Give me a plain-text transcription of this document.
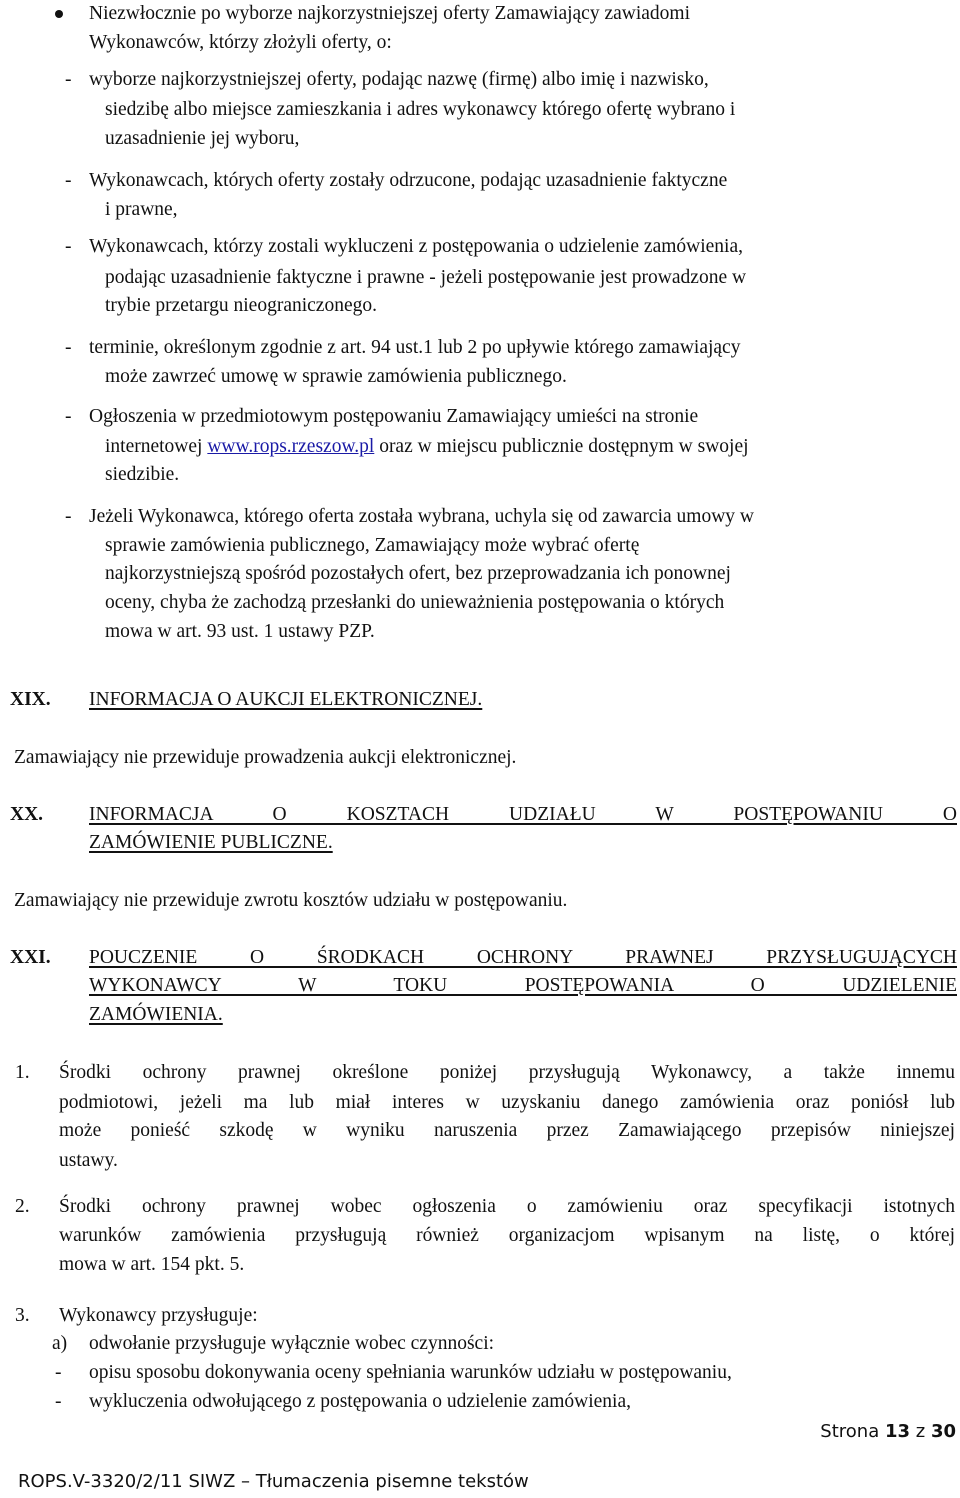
Niezwłocznie po wyborze najkorzystniejszej oferty Zamawiający zawiadomi
Wykonawców, którzy złożyli oferty, o:
- wyborze najkorzystniejszej oferty, podając nazwę (firmę) albo imię i nazwisko,
siedzibę albo miejsce zamieszkania i adres wykonawcy którego ofertę wybrano i
uzasadnienie jej wyboru,
- Wykonawcach, których oferty zostały odrzucone, podając uzasadnienie faktyczne
i prawne,
- Wykonawcach, którzy zostali wykluczeni z postępowania o udzielenie zamówienia,
podając uzasadnienie faktyczne i prawne - jeżeli postępowanie jest prowadzone w
trybie przetargu nieograniczonego.
- terminie, określonym zgodnie z art. 94 ust.1 lub 2 po upływie którego zamawiający
może zawrzeć umowę w sprawie zamówienia publicznego.
- Ogłoszenia w przedmiotowym postępowaniu Zamawiający umieści na stronie
internetowej www.rops.rzeszow.pl oraz w miejscu publicznie dostępnym w swojej
siedzibie.
- Jeżeli Wykonawca, którego oferta została wybrana, uchyla się od zawarcia umowy w
sprawie zamówienia publicznego, Zamawiający może wybrać ofertę
najkorzystniejszą spośród pozostałych ofert, bez przeprowadzania ich ponownej
oceny, chyba że zachodzą przesłanki do unieważnienia postępowania o których
mowa w art. 93 ust. 1 ustawy PZP.
XIX. INFORMACJA O AUKCJI ELEKTRONICZNEJ.
Zamawiający nie przewiduje prowadzenia aukcji elektronicznej.
XX. INFORMACJA O KOSZTACH UDZIAŁU W POSTĘPOWANIU O
ZAMÓWIENIE PUBLICZNE.
Zamawiający nie przewiduje zwrotu kosztów udziału w postępowaniu.
XXI. POUCZENIE O ŚRODKACH OCHRONY PRAWNEJ PRZYSŁUGUJĄCYCH
WYKONAWCY W TOKU POSTĘPOWANIA O UDZIELENIE
ZAMÓWIENIA.
1. Środki ochrony prawnej określone poniżej przysługują Wykonawcy, a także innemu
podmiotowi, jeżeli ma lub miał interes w uzyskaniu danego zamówienia oraz poniósł lub
może ponieść szkodę w wyniku naruszenia przez Zamawiającego przepisów niniejszej
ustawy.
2. Środki ochrony prawnej wobec ogłoszenia o zamówieniu oraz specyfikacji istotnych
warunków zamówienia przysługują również organizacjom wpisanym na listę, o której
mowa w art. 154 pkt. 5.
3. Wykonawcy przysługuje:
a) odwołanie przysługuje wyłącznie wobec czynności:
- opisu sposobu dokonywania oceny spełniania warunków udziału w postępowaniu,
- wykluczenia odwołującego z postępowania o udzielenie zamówienia,
Strona 13 z 30
ROPS.V-3320/2/11 SIWZ – Tłumaczenia pisemne tekstów
